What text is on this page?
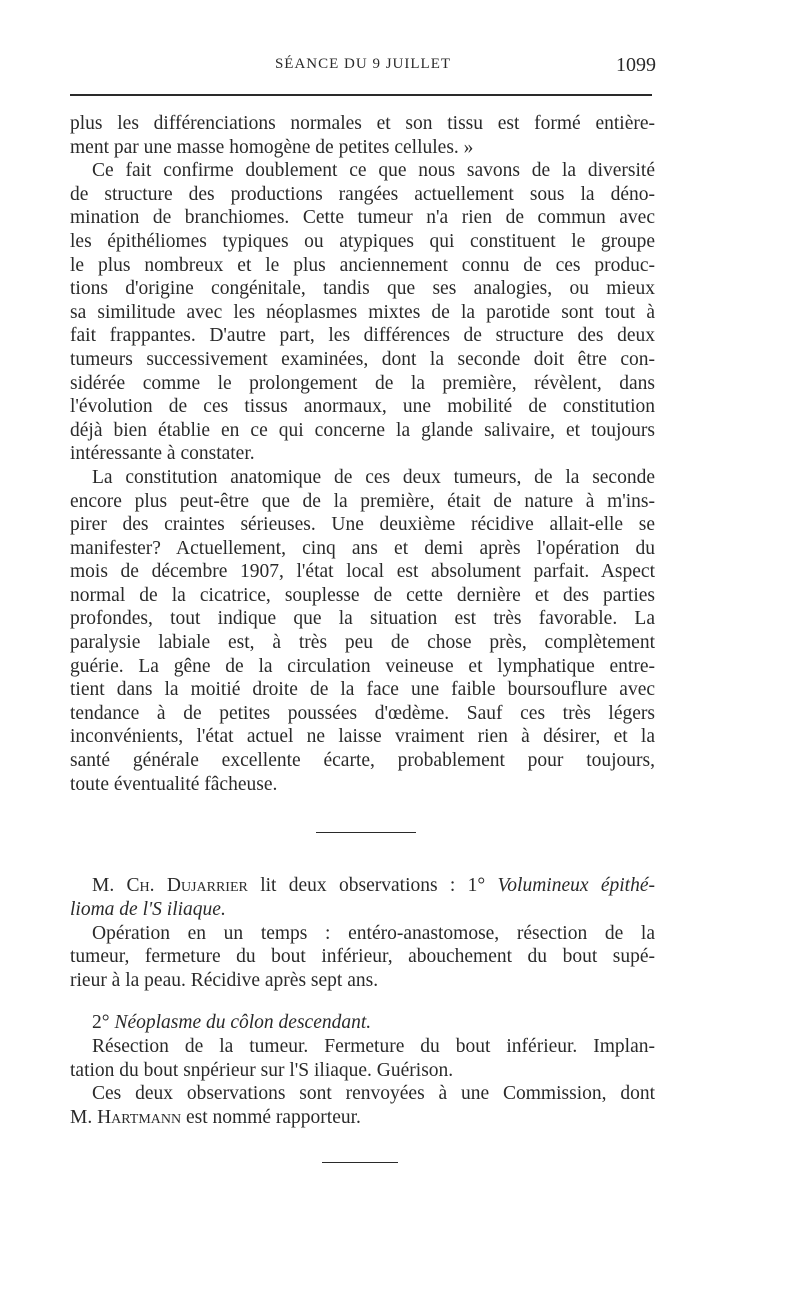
SÉANCE DU 9 JUILLET	1099

plus les différenciations normales et son tissu est formé entière-

ment par une masse homogène de petites cellules. »

Ce fait confirme doublement ce que nous savons de la diversité

de structure des productions rangées actuellement sous la déno-

mination de branchiomes. Cette tumeur n'a rien de commun avec

les épithéliomes typiques ou atypiques qui constituent le groupe

le plus nombreux et le plus anciennement connu de ces produc-

tions d'origine congénitale, tandis que ses analogies, ou mieux

sa similitude avec les néoplasmes mixtes de la parotide sont tout à

fait frappantes. D'autre part, les différences de structure des deux

tumeurs successivement examinées, dont la seconde doit être con-

sidérée comme le prolongement de la première, révèlent, dans

l'évolution de ces tissus anormaux, une mobilité de constitution

déjà bien établie en ce qui concerne la glande salivaire, et toujours

intéressante à constater.

La constitution anatomique de ces deux tumeurs, de la seconde

encore plus peut-être que de la première, était de nature à m'ins-

pirer des craintes sérieuses. Une deuxième récidive allait-elle se

manifester? Actuellement, cinq ans et demi après l'opération du

mois de décembre 1907, l'état local est absolument parfait. Aspect

normal de la cicatrice, souplesse de cette dernière et des parties

profondes, tout indique que la situation est très favorable. La

paralysie labiale est, à très peu de chose près, complètement

guérie. La gêne de la circulation veineuse et lymphatique entre-

tient dans la moitié droite de la face une faible boursouflure avec

tendance à de petites poussées d'œdème. Sauf ces très légers

inconvénients, l'état actuel ne laisse vraiment rien à désirer, et la

santé générale excellente écarte, probablement pour toujours,

toute éventualité fâcheuse.

M. Ch. Dujarrier lit deux observations : 1° Volumineux épithé-

lioma de l'S iliaque.

Opération en un temps : entéro-anastomose, résection de la

tumeur, fermeture du bout inférieur, abouchement du bout supé-

rieur à la peau. Récidive après sept ans.

2° Néoplasme du côlon descendant.

Résection de la tumeur. Fermeture du bout inférieur. Implan-

tation du bout snpérieur sur l'S iliaque. Guérison.

Ces deux observations sont renvoyées à une Commission, dont

M. Hartmann est nommé rapporteur.
